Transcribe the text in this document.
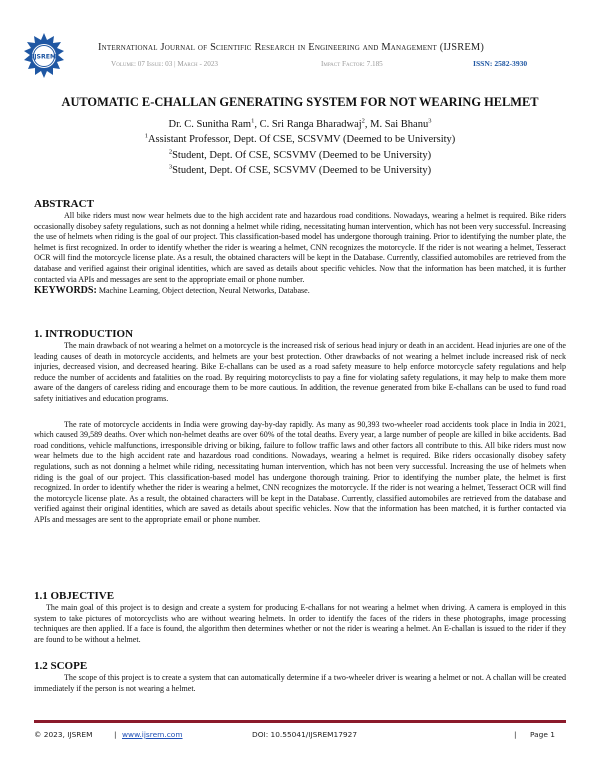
IJSREM
International Journal of Scientific Research in Engineering and Management (IJSREM)
Volume: 07 Issue: 03 | March - 2023	Impact Factor: 7.185	ISSN: 2582-3930
AUTOMATIC E-CHALLAN GENERATING SYSTEM FOR NOT WEARING HELMET
Dr. C. Sunitha Ram$^1$, C. Sri Ranga Bharadwaj$^2$, M. Sai Bhanu$^3$
$^1$Assistant Professor, Dept. Of CSE, SCSVMV (Deemed to be University)
$^2$Student, Dept. Of CSE, SCSVMV (Deemed to be University)
$^3$Student, Dept. Of CSE, SCSVMV (Deemed to be University)
ABSTRACT
All bike riders must now wear helmets due to the high accident rate and hazardous road conditions. Nowadays, wearing a helmet is required. Bike riders occasionally disobey safety regulations, such as not donning a helmet while riding, necessitating human intervention, which has not been very successful. Increasing the use of helmets when riding is the goal of our project. This classification-based model has undergone thorough training. Prior to identifying the number plate, the helmet is first recognized. In order to identify whether the rider is wearing a helmet, CNN recognizes the motorcycle. If the rider is not wearing a helmet, Tesseract OCR will find the motorcycle license plate. As a result, the obtained characters will be kept in the Database. Currently, classified automobiles are retrieved from the database and verified against their original identities, which are saved as details about specific vehicles. Now that the information has been matched, it is further contacted via APIs and messages are sent to the appropriate email or phone number.
KEYWORDS: Machine Learning, Object detection, Neural Networks, Database.
1. INTRODUCTION
The main drawback of not wearing a helmet on a motorcycle is the increased risk of serious head injury or death in an accident. Head injuries are one of the leading causes of death in motorcycle accidents, and helmets are your best protection. Other drawbacks of not wearing a helmet include increased risk of neck injuries, decreased vision, and decreased hearing. Bike E-challans can be used as a road safety measure to help enforce motorcycle safety regulations and help reduce the number of accidents and fatalities on the road. By requiring motorcyclists to pay a fine for violating safety regulations, it may help to make them more aware of the dangers of careless riding and encourage them to be more cautious. In addition, the revenue generated from bike E-challans can be used to fund road safety initiatives and education programs.
The rate of motorcycle accidents in India were growing day-by-day rapidly. As many as 90,393 two-wheeler road accidents took place in India in 2021, which caused 39,589 deaths. Over which non-helmet deaths are over 60% of the total deaths. Every year, a large number of people are killed in bike accidents. Bad road conditions, vehicle malfunctions, irresponsible driving or biking, failure to follow traffic laws and other factors all contribute to this. All bike riders must now wear helmets due to the high accident rate and hazardous road conditions. Nowadays, wearing a helmet is required. Bike riders occasionally disobey safety regulations, such as not donning a helmet while riding, necessitating human intervention, which has not been very successful. Increasing the use of helmets when riding is the goal of our project. This classification-based model has undergone thorough training. Prior to identifying the number plate, the helmet is first recognized. In order to identify whether the rider is wearing a helmet, CNN recognizes the motorcycle. If the rider is not wearing a helmet, Tesseract OCR will find the motorcycle license plate. As a result, the obtained characters will be kept in the Database. Currently, classified automobiles are retrieved from the database and verified against their original identities, which are saved as details about specific vehicles. Now that the information has been matched, it is further contacted via APIs and messages are sent to the appropriate email or phone number.
1.1 OBJECTIVE
The main goal of this project is to design and create a system for producing E-challans for not wearing a helmet when driving. A camera is employed in this system to take pictures of motorcyclists who are without wearing helmets. In order to identify the faces of the riders in these photographs, image processing techniques are then applied. If a face is found, the algorithm then determines whether or not the rider is wearing a helmet. An E-challan is issued to the rider if they are found to be without a helmet.
1.2 SCOPE
The scope of this project is to create a system that can automatically determine if a two-wheeler driver is wearing a helmet or not. A challan will be created immediately if the person is not wearing a helmet.
© 2023, IJSREM	| www.ijsrem.com	DOI: 10.55041/IJSREM17927	| Page 1
